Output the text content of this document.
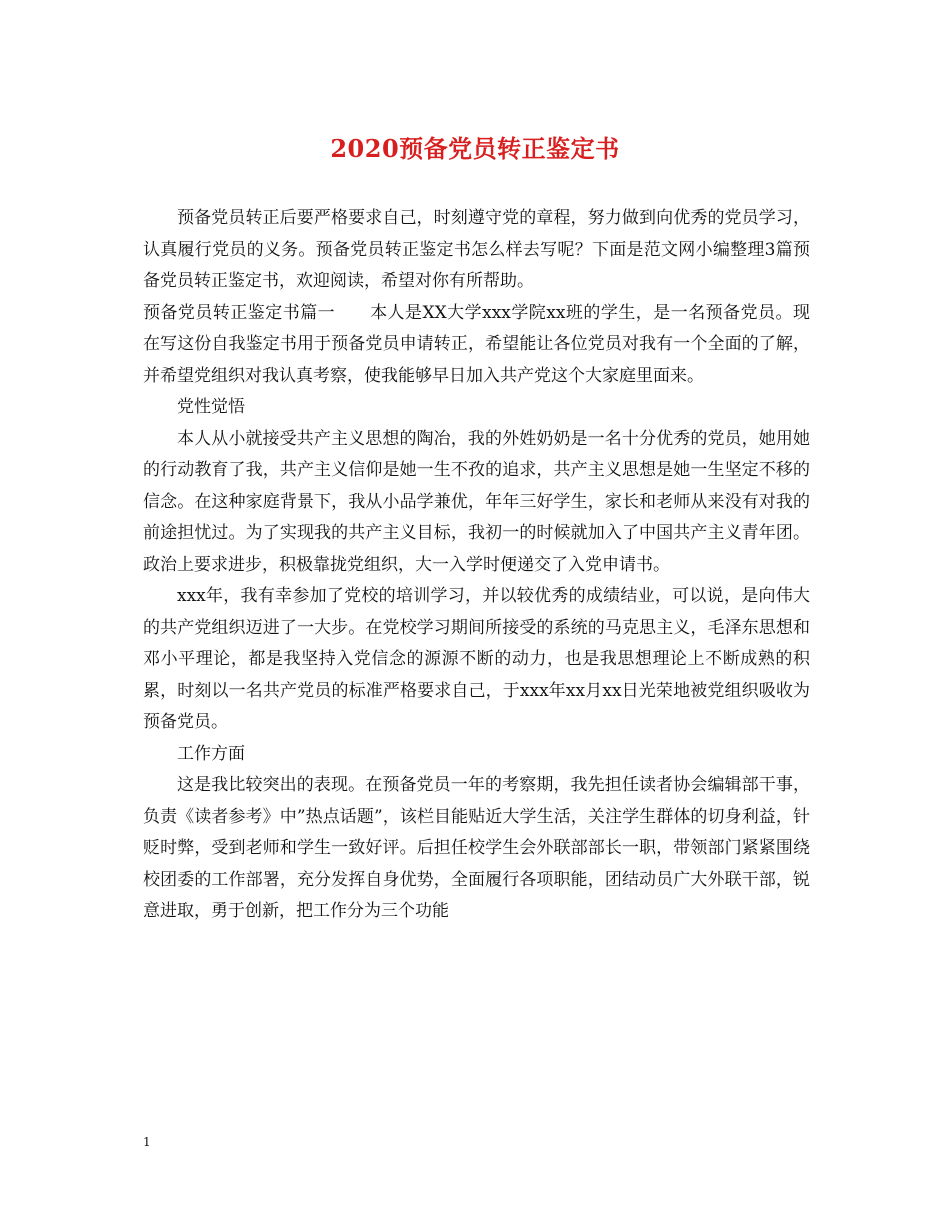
2020预备党员转正鉴定书

预备党员转正后要严格要求自己，时刻遵守党的章程，努力做到向优秀的党员学习，认真履行党员的义务。预备党员转正鉴定书怎么样去写呢？下面是范文网小编整理3篇预备党员转正鉴定书，欢迎阅读，希望对你有所帮助。

预备党员转正鉴定书篇一　　本人是XX大学xxx学院xx班的学生，是一名预备党员。现在写这份自我鉴定书用于预备党员申请转正，希望能让各位党员对我有一个全面的了解，并希望党组织对我认真考察，使我能够早日加入共产党这个大家庭里面来。

党性觉悟

本人从小就接受共产主义思想的陶冶，我的外姓奶奶是一名十分优秀的党员，她用她的行动教育了我，共产主义信仰是她一生不孜的追求，共产主义思想是她一生坚定不移的信念。在这种家庭背景下，我从小品学兼优，年年三好学生，家长和老师从来没有对我的前途担忧过。为了实现我的共产主义目标，我初一的时候就加入了中国共产主义青年团。政治上要求进步，积极靠拢党组织，大一入学时便递交了入党申请书。

xxx年，我有幸参加了党校的培训学习，并以较优秀的成绩结业，可以说，是向伟大的共产党组织迈进了一大步。在党校学习期间所接受的系统的马克思主义，毛泽东思想和邓小平理论，都是我坚持入党信念的源源不断的动力，也是我思想理论上不断成熟的积累，时刻以一名共产党员的标准严格要求自己，于xxx年xx月xx日光荣地被党组织吸收为预备党员。

工作方面

这是我比较突出的表现。在预备党员一年的考察期，我先担任读者协会编辑部干事，负责《读者参考》中”热点话题”，该栏目能贴近大学生活，关注学生群体的切身利益，针贬时弊，受到老师和学生一致好评。后担任校学生会外联部部长一职，带领部门紧紧围绕校团委的工作部署，充分发挥自身优势，全面履行各项职能，团结动员广大外联干部，锐意进取，勇于创新，把工作分为三个功能

1
